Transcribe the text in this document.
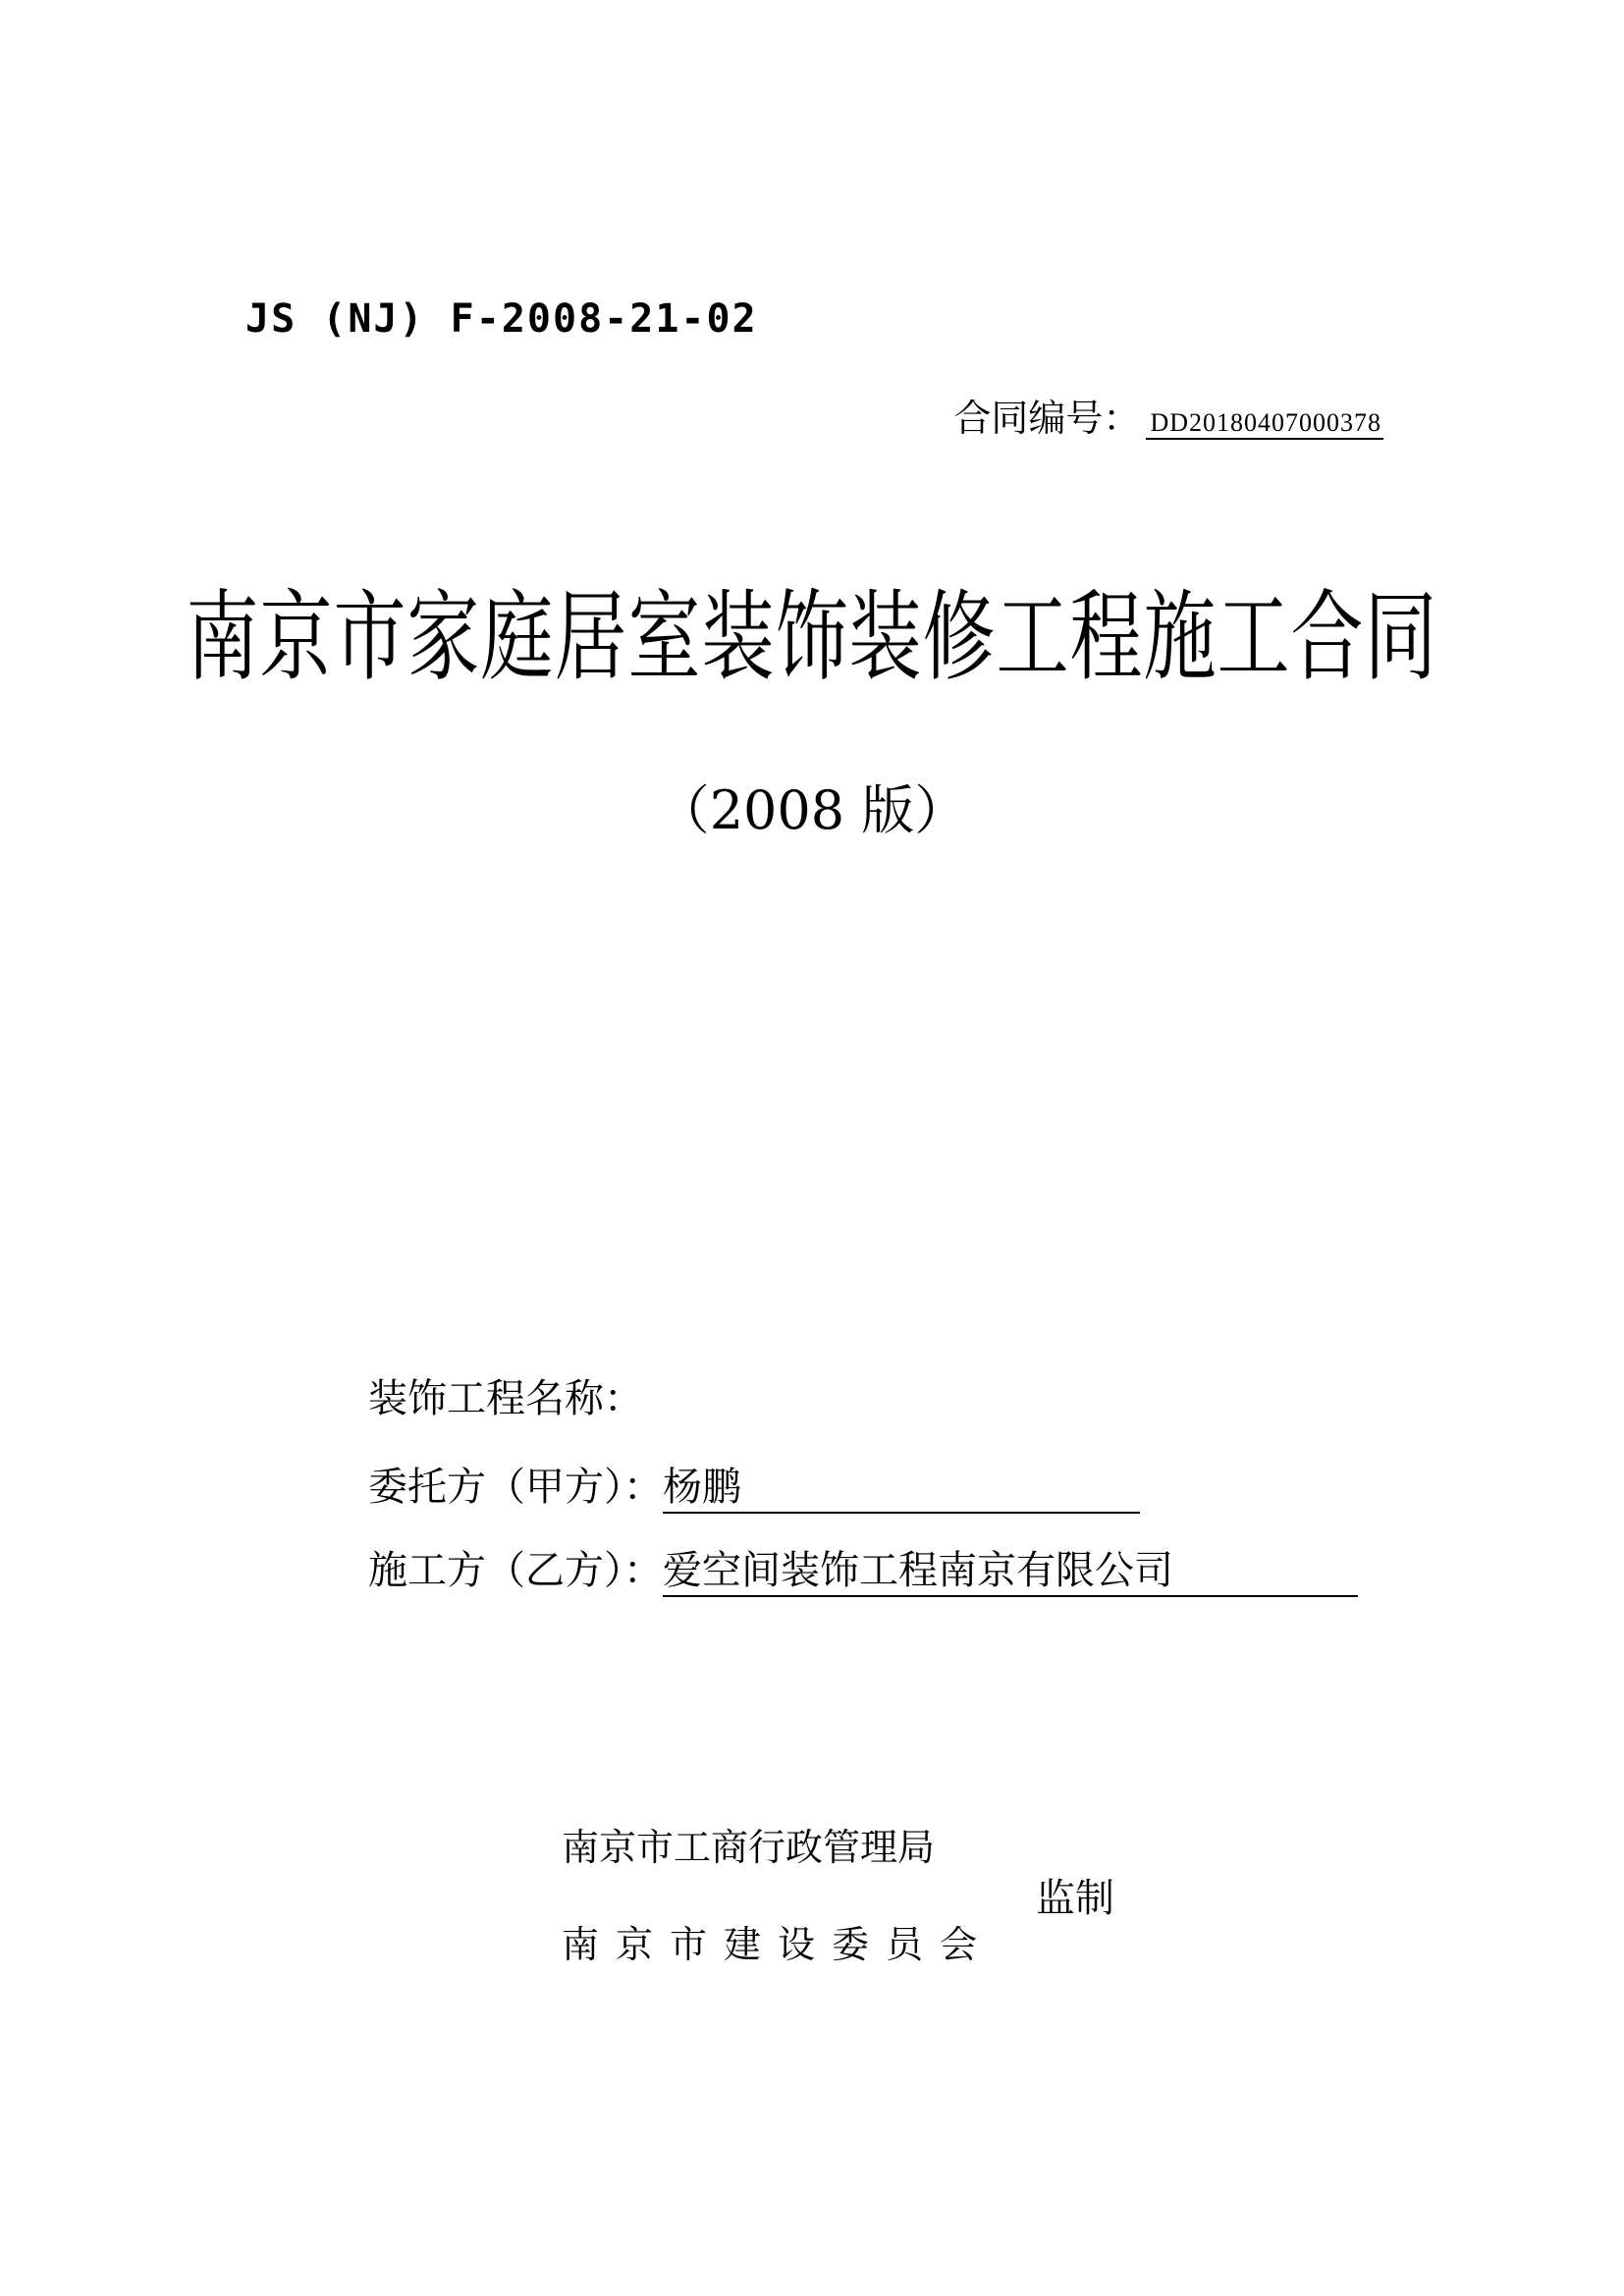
JS (NJ) F-2008-21-02
合同编号： DD20180407000378
南京市家庭居室装饰装修工程施工合同
（2008 版）
装饰工程名称：
委托方（甲方）： 杨鹏
施工方（乙方）： 爱空间装饰工程南京有限公司
南京市工商行政管理局
监制
南京市建设委员会
